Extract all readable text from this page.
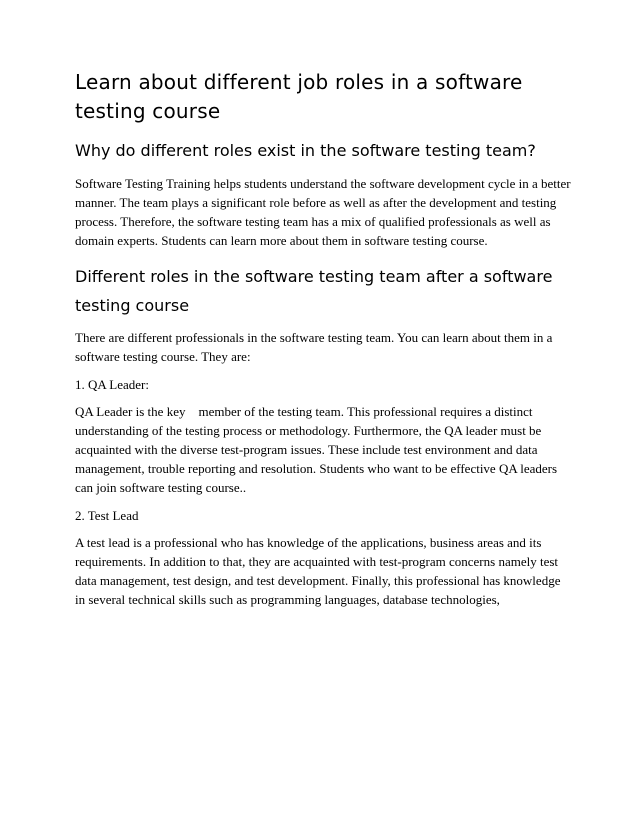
Learn about different job roles in a software testing course
Why do different roles exist in the software testing team?

Software Testing Training helps students understand the software development cycle in a better manner. The team plays a significant role before as well as after the development and testing process. Therefore, the software testing team has a mix of qualified professionals as well as domain experts. Students can learn more about them in software testing course.

Different roles in the software testing team after a software testing course

There are different professionals in the software testing team. You can learn about them in a software testing course. They are:

1. QA Leader:

QA Leader is the key    member of the testing team. This professional requires a distinct understanding of the testing process or methodology. Furthermore, the QA leader must be acquainted with the diverse test-program issues. These include test environment and data management, trouble reporting and resolution. Students who want to be effective QA leaders can join software testing course..

2. Test Lead

A test lead is a professional who has knowledge of the applications, business areas and its requirements. In addition to that, they are acquainted with test-program concerns namely test data management, test design, and test development. Finally, this professional has knowledge in several technical skills such as programming languages, database technologies,
